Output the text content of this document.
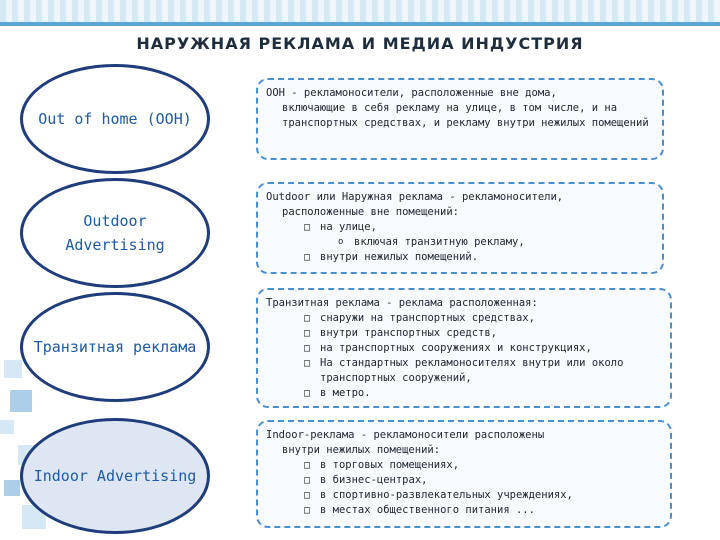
НАРУЖНАЯ РЕКЛАМА И МЕДИА ИНДУСТРИЯ
Out of home (OOH)
ООН - рекламоносители, расположенные вне дома,
включающие в себя рекламу на улице, в том числе, и на транспортных средствах, и рекламу внутри нежилых помещений
Outdoor Advertising
Outdoor или Наружная реклама - рекламоносители,
расположенные вне помещений:
□ на улице,
o включая транзитную рекламу,
□ внутри нежилых помещений.
Транзитная реклама
Транзитная реклама - реклама расположенная:
□ снаружи на транспортных средствах,
□ внутри транспортных средств,
□ на транспортных сооружениях и конструкциях,
□ На стандартных рекламоносителях внутри или около транспортных сооружений,
□ в метро.
Indoor Advertising
Indoor-реклама - рекламоносители расположены
внутри нежилых помещений:
□ в торговых помещениях,
□ в бизнес-центрах,
□ в спортивно-развлекательных учреждениях,
□ в местах общественного питания ...
